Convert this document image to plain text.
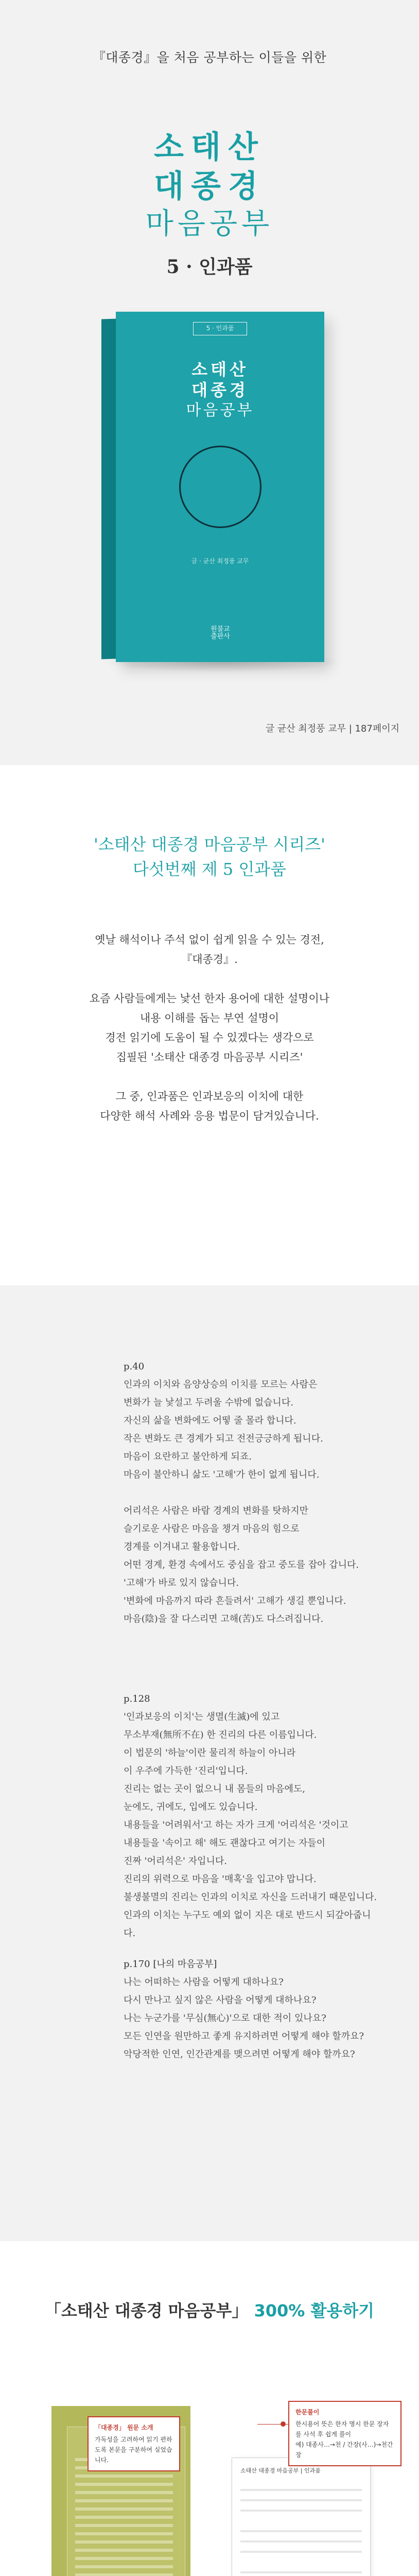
『대종경』을 처음 공부하는 이들을 위한
소태산
대종경
마음공부
5 · 인과품
5 · 인과품
소태산
대종경
마음공부
글 · 균산 최정풍 교무
원불교
출판사
글 균산 최정풍 교무 | 187페이지
'소태산 대종경 마음공부 시리즈'
다섯번째 제 5 인과품

옛날 해석이나 주석 없이 쉽게 읽을 수 있는 경전,
『대종경』.

요즘 사람들에게는 낯선 한자 용어에 대한 설명이나
내용 이해를 돕는 부연 설명이
경전 읽기에 도움이 될 수 있겠다는 생각으로
집필된 '소태산 대종경 마음공부 시리즈'

그 중, 인과품은 인과보응의 이치에 대한
다양한 해석 사례와 응용 법문이 담겨있습니다.

p.40

인과의 이치와 음양상승의 이치를 모르는 사람은
변화가 늘 낯설고 두려울 수밖에 없습니다.
자신의 삶을 변화에도 어떻 줄 몰라 합니다.
작은 변화도 큰 경계가 되고 전전긍긍하게 됩니다.
마음이 요란하고 불안하게 되죠.
마음이 불안하니 삶도 '고해'가 한이 없게 됩니다.

어리석은 사람은 바람 경계의 변화를 탓하지만
슬기로운 사람은 마음을 챙겨 마음의 힘으로
경계를 이겨내고 활용합니다.
어떤 경계, 환경 속에서도 중심을 잡고 중도를 잡아 갑니다.
'고해'가 바로 있지 않습니다.
'변화에 마음까지 따라 흔들려서' 고해가 생길 뿐입니다.
마음(陰)을 잘 다스리면 고해(苦)도 다스려집니다.

p.128

'인과보응의 이치'는 생멸(生滅)에 있고
무소부재(無所不在) 한 진리의 다른 이름입니다.
이 법문의 '하늘'이란 물리적 하늘이 아니라
이 우주에 가득한 '진리'입니다.
진리는 없는 곳이 없으니 내 몸들의 마음에도,
눈에도, 귀에도, 입에도 있습니다.
내용들을 '어려워서'고 하는 자가 크게 '어리석은 '것이고
내용들을 '속이고 해' 해도 괜찮다고 여기는 자들이
진짜 '어리석은' 자입니다.
진리의 위력으로 마음을 '매혹'을 입고야 맙니다.
불생불멸의 진리는 인과의 이치로 자신을 드러내기 때문입니다.
인과의 이치는 누구도 예외 없이 지은 대로 반드시 되갚아줍니다.

p.170 [나의 마음공부]

나는 어떠하는 사람을 어떻게 대하나요?
다시 만나고 싶지 않은 사람을 어떻게 대하나요?
나는 누군가를 '무심(無心)'으로 대한 적이 있나요?
모든 인연을 원만하고 좋게 유지하려면 어떻게 해야 할까요?
악당적한 인연, 인간관계를 맺으려면 어떻게 해야 할까요?

「소태산 대종경 마음공부」 300% 활용하기
소태산 대종경 마음공부 | 인과품
「대종경」 원문 소개
가독성을 고려하여 읽기 편하도록 본문을 구분하여 실었습니다.
한문풀이
한시용어 뜻은 한자 명시 한문 장자를 사석 후 쉽게 풀이
예) 대종사…→천 / 간장(사…)→천간장
